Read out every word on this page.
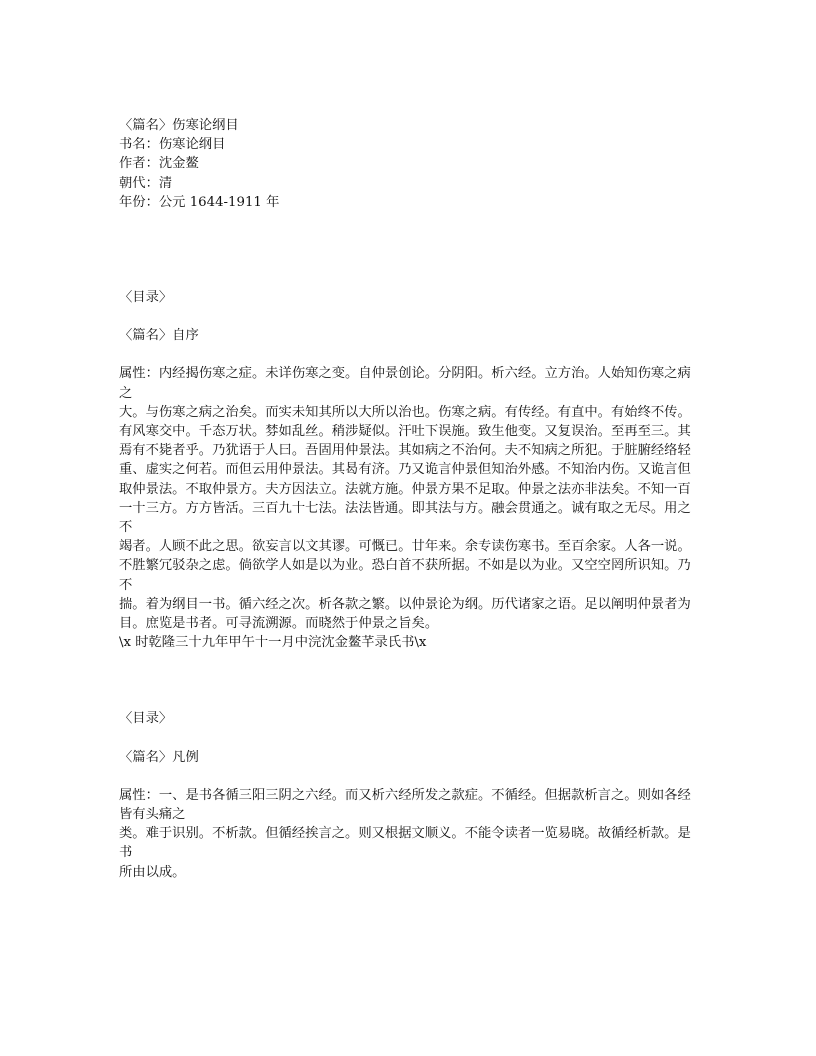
〈篇名〉伤寒论纲目
书名：伤寒论纲目
作者：沈金鳌
朝代：清
年份：公元 1644-1911 年
〈目录〉
〈篇名〉自序
属性：内经揭伤寒之症。未详伤寒之变。自仲景创论。分阴阳。析六经。立方治。人始知伤寒之病之
大。与伤寒之病之治矣。而实未知其所以大所以治也。伤寒之病。有传经。有直中。有始终不传。
有风寒交中。千态万状。棼如乱丝。稍涉疑似。汗吐下误施。致生他变。又复误治。至再至三。其
焉有不毙者乎。乃犹语于人曰。吾固用仲景法。其如病之不治何。夫不知病之所犯。于脏腑经络轻
重、虚实之何若。而但云用仲景法。其曷有济。乃又诡言仲景但知治外感。不知治内伤。又诡言但
取仲景法。不取仲景方。夫方因法立。法就方施。仲景方果不足取。仲景之法亦非法矣。不知一百
一十三方。方方皆活。三百九十七法。法法皆通。即其法与方。融会贯通之。诚有取之无尽。用之不
竭者。人顾不此之思。欲妄言以文其谬。可慨已。廿年来。余专读伤寒书。至百余家。人各一说。
不胜繁冗驳杂之虑。倘欲学人如是以为业。恐白首不获所据。不如是以为业。又空空罔所识知。乃不
揣。着为纲目一书。循六经之次。析各款之繁。以仲景论为纲。历代诸家之语。足以阐明仲景者为
目。庶览是书者。可寻流溯源。而晓然于仲景之旨矣。
\x 时乾隆三十九年甲午十一月中浣沈金鳌芊录氏书\x
〈目录〉
〈篇名〉凡例
属性：一、是书各循三阳三阴之六经。而又析六经所发之款症。不循经。但据款析言之。则如各经皆有头痛之
类。难于识别。不析款。但循经挨言之。则又根据文顺义。不能令读者一览易晓。故循经析款。是书
所由以成。
